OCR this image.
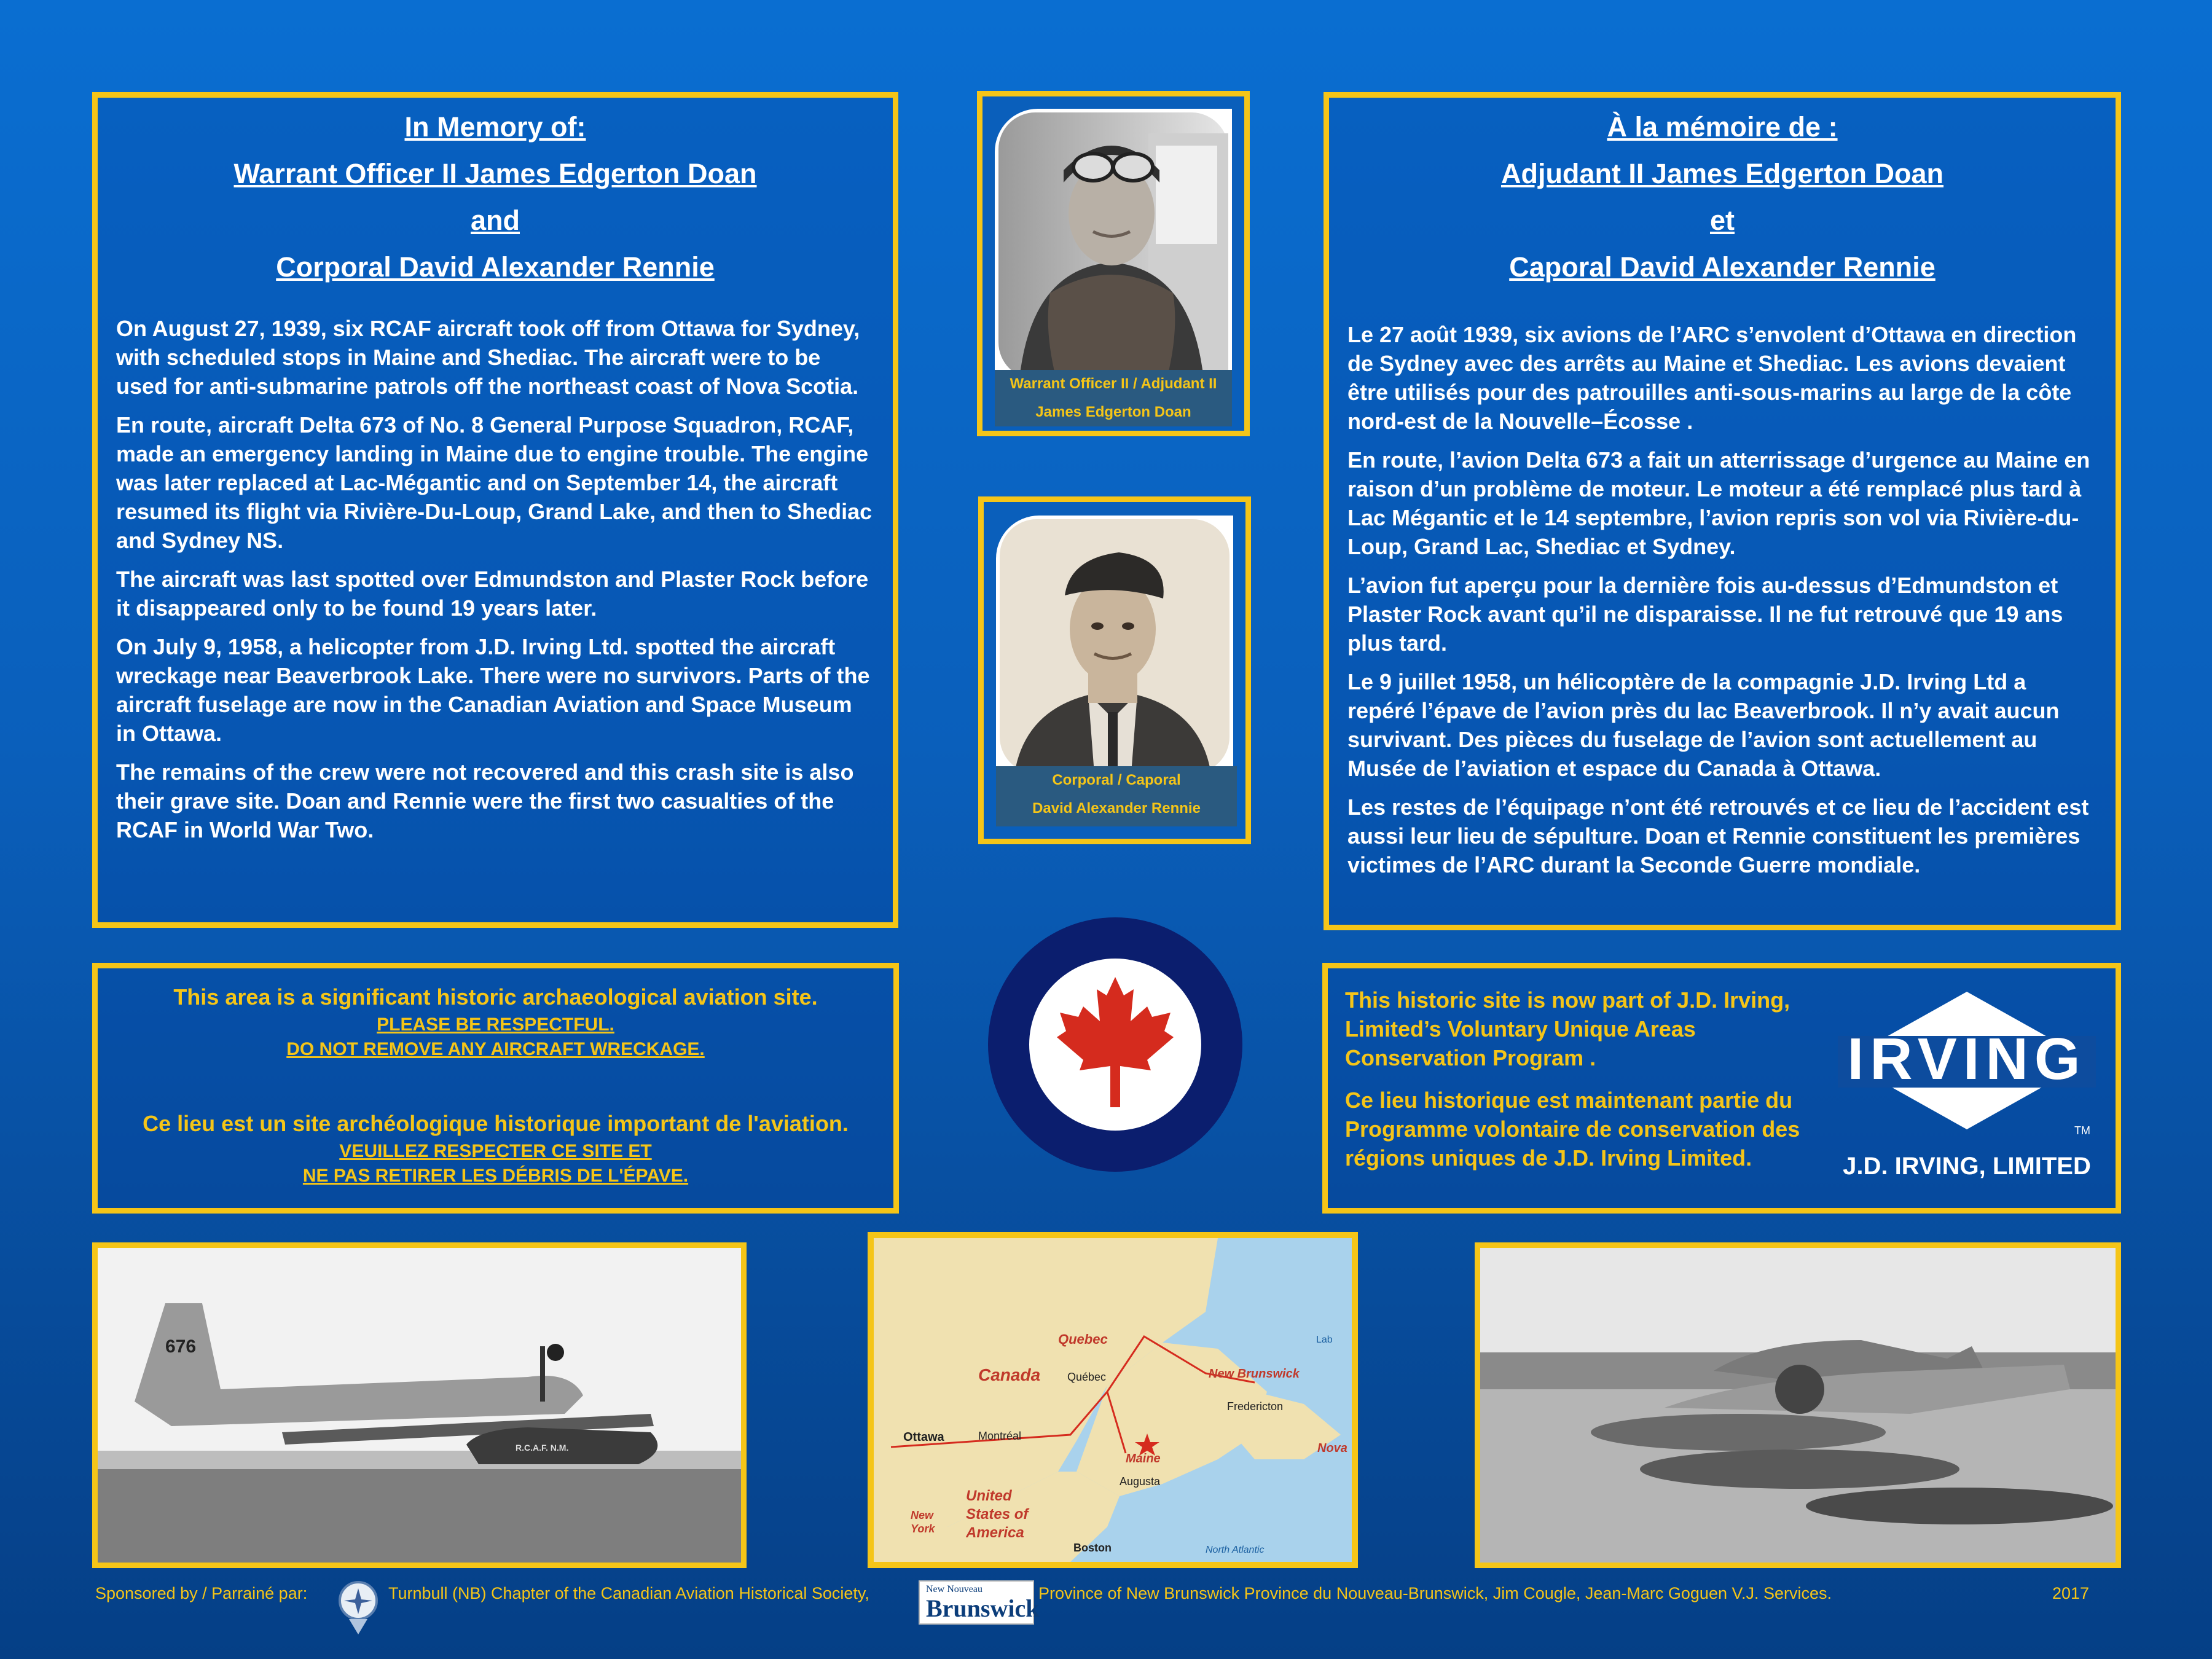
In Memory of:

Warrant Officer II James Edgerton Doan

and

Corporal David Alexander Rennie

On August 27, 1939, six RCAF aircraft took off from Ottawa for Sydney, with scheduled stops in Maine and Shediac. The aircraft were to be used for anti-submarine patrols off the northeast coast of Nova Scotia.

En route, aircraft Delta 673 of No. 8 General Purpose Squadron, RCAF, made an emergency landing in Maine due to engine trouble. The engine was later replaced at Lac-Mégantic and on September 14, the aircraft resumed its flight via Rivière-Du-Loup, Grand Lake, and then to Shediac and Sydney NS.

The aircraft was last spotted over Edmundston and Plaster Rock before it disappeared only to be found 19 years later.

On July 9, 1958, a helicopter from J.D. Irving Ltd. spotted the aircraft wreckage near Beaverbrook Lake. There were no survivors. Parts of the aircraft fuselage are now in the Canadian Aviation and Space Museum in Ottawa.

The remains of the crew were not recovered and this crash site is also their grave site. Doan and Rennie were the first two casualties of the RCAF in World War Two.

À la mémoire de :

Adjudant II James Edgerton Doan

et

Caporal David Alexander Rennie

Le 27 août 1939, six avions de l’ARC s’envolent d’Ottawa en direction de Sydney avec des arrêts au Maine et Shediac. Les avions devaient être utilisés pour des patrouilles anti-sous-marins au large de la côte nord-est de la Nouvelle–Écosse .

En route, l’avion Delta 673 a fait un atterrissage d’urgence au Maine en raison d’un problème de moteur. Le moteur a été remplacé plus tard à Lac Mégantic et le 14 septembre, l’avion repris son vol via Rivière-du-Loup, Grand Lac, Shediac et Sydney.

L’avion fut aperçu pour la dernière fois au-dessus d’Edmundston et Plaster Rock avant qu’il ne disparaisse. Il ne fut retrouvé que 19 ans plus tard.

Le 9 juillet 1958, un hélicoptère de la compagnie J.D. Irving Ltd a repéré l’épave de l’avion près du lac Beaverbrook. Il n’y avait aucun survivant. Des pièces du fuselage de l’avion sont actuellement au Musée de l’aviation et espace du Canada à Ottawa.

Les restes de l’équipage n’ont été retrouvés et ce lieu de l’accident est aussi leur lieu de sépulture. Doan et Rennie constituent les premières victimes de l’ARC durant la Seconde Guerre mondiale.

Warrant Officer II / Adjudant II
James Edgerton Doan
Corporal / Caporal
David Alexander Rennie

This area is a significant historic archaeological aviation site.

PLEASE BE RESPECTFUL.

DO NOT REMOVE ANY AIRCRAFT WRECKAGE.

Ce lieu est un site archéologique historique important de l'aviation.

VEUILLEZ RESPECTER CE SITE ET

NE PAS RETIRER LES DÉBRIS DE L'ÉPAVE.

This historic site is now part of J.D. Irving, Limited’s Voluntary Unique Areas Conservation Program .

Ce lieu historique est maintenant partie du Programme volontaire de conservation des régions uniques de J.D. Irving Limited.

IRVING
TM
J.D. IRVING, LIMITED
676
R.C.A.F. N.M.
Quebec
Canada Québec	New Brunswick
Fredericton
Ottawa	Montréal
Maine
Augusta
Nova
Lab
United States of America
New York
Boston	North Atlantic
Sponsored by / Parrainé par:	Turnbull (NB) Chapter of the Canadian Aviation Historical Society,	New Nouveau
Brunswick
Province of New Brunswick Province du Nouveau-Brunswick, Jim Cougle, Jean-Marc Goguen V.J. Services.	2017
